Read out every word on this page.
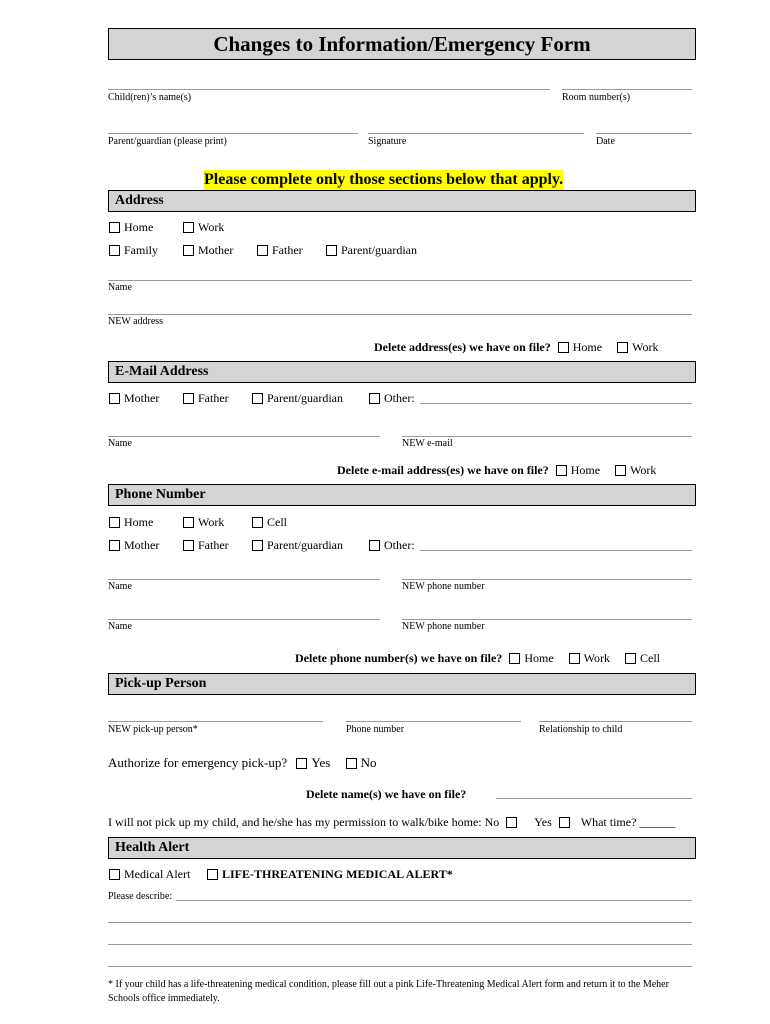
Changes to Information/Emergency Form
Child(ren)’s name(s)	Room number(s)
Parent/guardian (please print)	Signature	Date
Please complete only those sections below that apply.
Address
Home	Work
Family	Mother	Father	Parent/guardian
Name
NEW address
Delete address(es) we have on file? Home	Work
E-Mail Address
Mother	Father	Parent/guardian	Other:
Name	NEW e-mail
Delete e-mail address(es) we have on file? Home	Work
Phone Number
Home	Work	Cell
Mother	Father	Parent/guardian	Other:
Name	NEW phone number
Name	NEW phone number
Delete phone number(s) we have on file? Home	Work	Cell
Pick-up Person
NEW pick-up person*	Phone number	Relationship to child
Authorize for emergency pick-up? Yes No
Delete name(s) we have on file?
I will not pick up my child, and he/she has my permission to walk/bike home: No	Yes What time? ______
Health Alert
Medical Alert	LIFE-THREATENING MEDICAL ALERT*
Please describe:
* If your child has a life-threatening medical condition, please fill out a pink Life-Threatening Medical Alert form and return it to the Meher Schools office immediately.
